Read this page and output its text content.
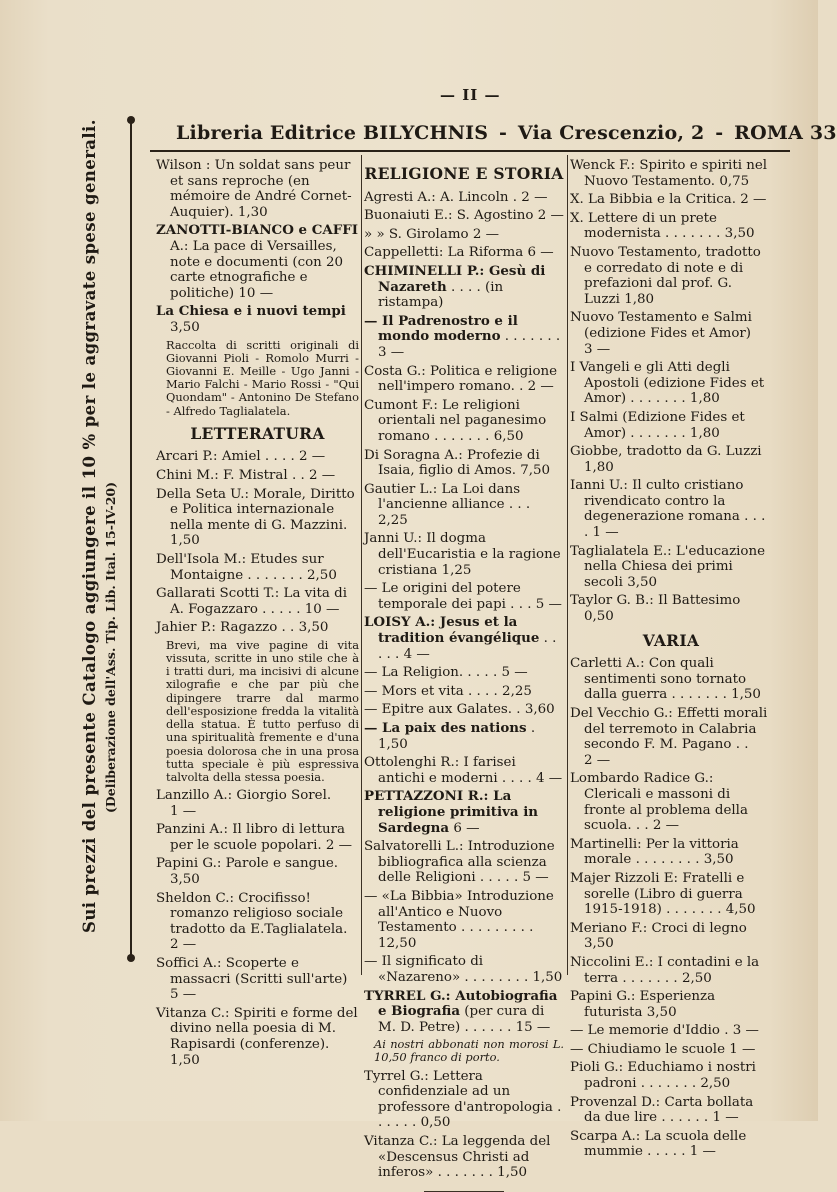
— II —
Libreria Editrice BILYCHNIS - Via Crescenzio, 2 - ROMA 33
Sui prezzi del presente Catalogo aggiungere il 10 % per le aggravate spese generali. (Deliberazione dell'Ass. Tip. Lib. Ital. 15-IV-20)
Wilson : Un soldat sans peur et sans reproche (en mémoire de André Cornet-Auquier). 1,30
ZANOTTI-BIANCO e CAFFI A.: La pace di Versailles, note e documenti (con 20 carte etnografiche e politiche) 10 —
La Chiesa e i nuovi tempi 3,50
Raccolta di scritti originali di Giovanni Pioli - Romolo Murri - Giovanni E. Meille - Ugo Janni - Mario Falchi - Mario Rossi - "Qui Quondam" - Antonino De Stefano - Alfredo Taglialatela.
LETTERATURA
Arcari P.: Amiel . . . . 2 —
Chini M.: F. Mistral . . 2 —
Della Seta U.: Morale, Diritto e Politica internazionale nella mente di G. Mazzini. 1,50
Dell'Isola M.: Etudes sur Montaigne . . . . . . . 2,50
Gallarati Scotti T.: La vita di A. Fogazzaro . . . . . 10 —
Jahier P.: Ragazzo . . 3,50
Brevi, ma vive pagine di vita vissuta, scritte in uno stile che à i tratti duri, ma incisivi di alcune xilografie e che par più che dipingere trarre dal marmo dell'esposizione fredda la vitalità della statua. È tutto perfuso di una spiritualità fremente e d'una poesia dolorosa che in una prosa tutta speciale è più espressiva talvolta della stessa poesia.
Lanzillo A.: Giorgio Sorel. 1 —
Panzini A.: Il libro di lettura per le scuole popolari. 2 —
Papini G.: Parole e sangue. 3,50
Sheldon C.: Crocifisso! romanzo religioso sociale tradotto da E.Taglialatela. 2 —
Soffici A.: Scoperte e massacri (Scritti sull'arte) 5 —
Vitanza C.: Spiriti e forme del divino nella poesia di M. Rapisardi (conferenze). 1,50
RELIGIONE E STORIA
Agresti A.: A. Lincoln . 2 —
Buonaiuti E.: S. Agostino 2 —
» » S. Girolamo 2 —
Cappelletti: La Riforma 6 —
CHIMINELLI P.: Gesù di Nazareth . . . . (in ristampa)
— Il Padrenostro e il mondo moderno . . . . . . . 3 —
Costa G.: Politica e religione nell'impero romano. . 2 —
Cumont F.: Le religioni orientali nel paganesimo romano . . . . . . . 6,50
Di Soragna A.: Profezie di Isaia, figlio di Amos. 7,50
Gautier L.: La Loi dans l'ancienne alliance . . . 2,25
Janni U.: Il dogma dell'Eucaristia e la ragione cristiana 1,25
— Le origini del potere temporale dei papi . . . 5 —
LOISY A.: Jesus et la tradition évangélique . . . . . 4 —
— La Religion. . . . . 5 —
— Mors et vita . . . . 2,25
— Epitre aux Galates. . 3,60
— La paix des nations . 1,50
Ottolenghi R.: I farisei antichi e moderni . . . . 4 —
PETTAZZONI R.: La religione primitiva in Sardegna 6 —
Salvatorelli L.: Introduzione bibliografica alla scienza delle Religioni . . . . . 5 —
— «La Bibbia» Introduzione all'Antico e Nuovo Testamento . . . . . . . . . 12,50
— Il significato di «Nazareno» . . . . . . . . 1,50
TYRREL G.: Autobiografia e Biografia (per cura di M. D. Petre) . . . . . . 15 —
Ai nostri abbonati non morosi L. 10,50 franco di porto.
Tyrrel G.: Lettera confidenziale ad un professore d'antropologia . . . . . . 0,50
Vitanza C.: La leggenda del «Descensus Christi ad inferos» . . . . . . . 1,50
Wenck F.: Spirito e spiriti nel Nuovo Testamento. 0,75
X. La Bibbia e la Critica. 2 —
X. Lettere di un prete modernista . . . . . . . 3,50
Nuovo Testamento, tradotto e corredato di note e di prefazioni dal prof. G. Luzzi 1,80
Nuovo Testamento e Salmi (edizione Fides et Amor) 3 —
I Vangeli e gli Atti degli Apostoli (edizione Fides et Amor) . . . . . . . 1,80
I Salmi (Edizione Fides et Amor) . . . . . . . 1,80
Giobbe, tradotto da G. Luzzi 1,80
Ianni U.: Il culto cristiano rivendicato contro la degenerazione romana . . . . 1 —
Taglialatela E.: L'educazione nella Chiesa dei primi secoli 3,50
Taylor G. B.: Il Battesimo 0,50
VARIA
Carletti A.: Con quali sentimenti sono tornato dalla guerra . . . . . . . 1,50
Del Vecchio G.: Effetti morali del terremoto in Calabria secondo F. M. Pagano . . 2 —
Lombardo Radice G.: Clericali e massoni di fronte al problema della scuola. . . 2 —
Martinelli: Per la vittoria morale . . . . . . . . 3,50
Majer Rizzoli E: Fratelli e sorelle (Libro di guerra 1915-1918) . . . . . . . 4,50
Meriano F.: Croci di legno 3,50
Niccolini E.: I contadini e la terra . . . . . . . 2,50
Papini G.: Esperienza futurista 3,50
— Le memorie d'Iddio . 3 —
— Chiudiamo le scuole 1 —
Pioli G.: Educhiamo i nostri padroni . . . . . . . 2,50
Provenzal D.: Carta bollata da due lire . . . . . . 1 —
Scarpa A.: La scuola delle mummie . . . . . 1 —
